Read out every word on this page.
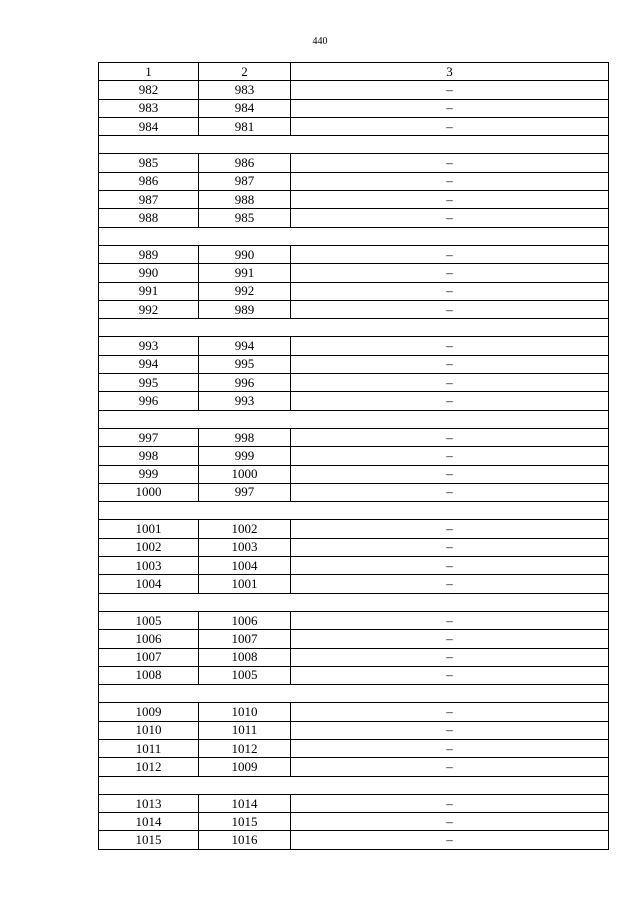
440
1	2	3
982	983	–
983	984	–
984	981	–

985	986	–
986	987	–
987	988	–
988	985	–

989	990	–
990	991	–
991	992	–
992	989	–

993	994	–
994	995	–
995	996	–
996	993	–

997	998	–
998	999	–
999	1000	–
1000	997	–

1001	1002	–
1002	1003	–
1003	1004	–
1004	1001	–

1005	1006	–
1006	1007	–
1007	1008	–
1008	1005	–

1009	1010	–
1010	1011	–
1011	1012	–
1012	1009	–

1013	1014	–
1014	1015	–
1015	1016	–
